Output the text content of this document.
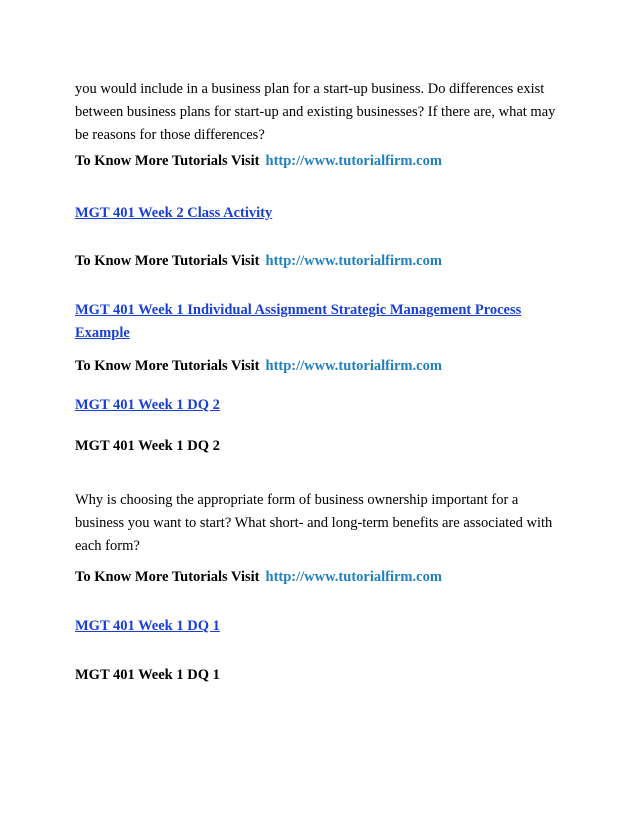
you would include in a business plan for a start-up business. Do differences exist
between business plans for start-up and existing businesses? If there are, what may
be reasons for those differences?

To Know More Tutorials Visit http://www.tutorialfirm.com
MGT 401 Week 2 Class Activity
To Know More Tutorials Visit http://www.tutorialfirm.com
MGT 401 Week 1 Individual Assignment Strategic Management Process
Example
To Know More Tutorials Visit http://www.tutorialfirm.com
MGT 401 Week 1 DQ 2
MGT 401 Week 1 DQ 2

Why is choosing the appropriate form of business ownership important for a
business you want to start? What short- and long-term benefits are associated with
each form?

To Know More Tutorials Visit http://www.tutorialfirm.com
MGT 401 Week 1 DQ 1
MGT 401 Week 1 DQ 1
